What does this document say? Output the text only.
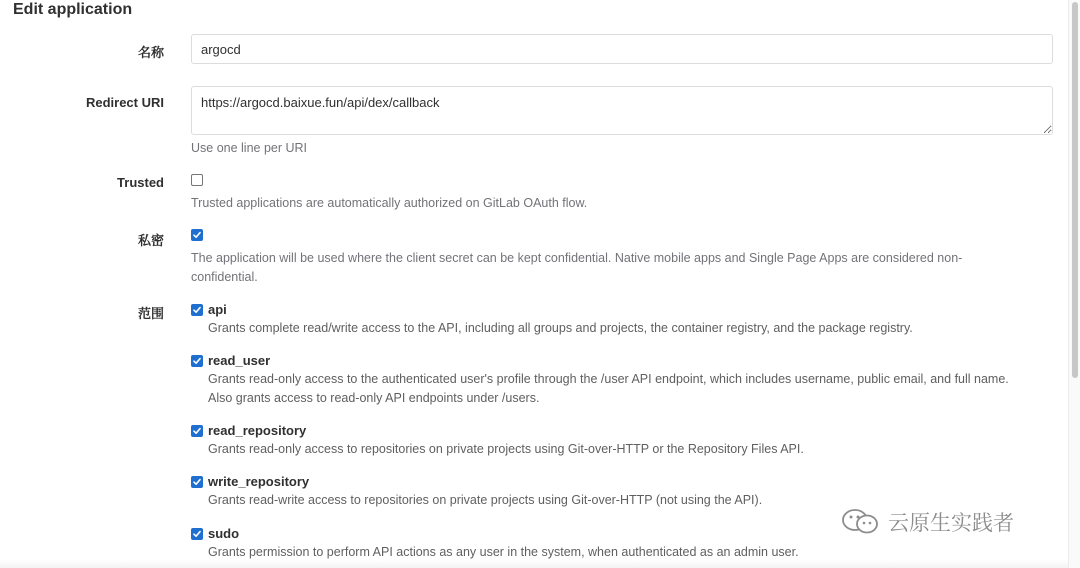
Edit application
名称
argocd
Redirect URI
https://argocd.baixue.fun/api/dex/callback
Use one line per URI
Trusted
Trusted applications are automatically authorized on GitLab OAuth flow.
私密
The application will be used where the client secret can be kept confidential. Native mobile apps and Single Page Apps are considered non-
confidential.
范围	api
Grants complete read/write access to the API, including all groups and projects, the container registry, and the package registry.
read_user
Grants read-only access to the authenticated user's profile through the /user API endpoint, which includes username, public email, and full name.
Also grants access to read-only API endpoints under /users.
read_repository
Grants read-only access to repositories on private projects using Git-over-HTTP or the Repository Files API.
write_repository
Grants read-write access to repositories on private projects using Git-over-HTTP (not using the API).
sudo
Grants permission to perform API actions as any user in the system, when authenticated as an admin user.
云原生实践者
